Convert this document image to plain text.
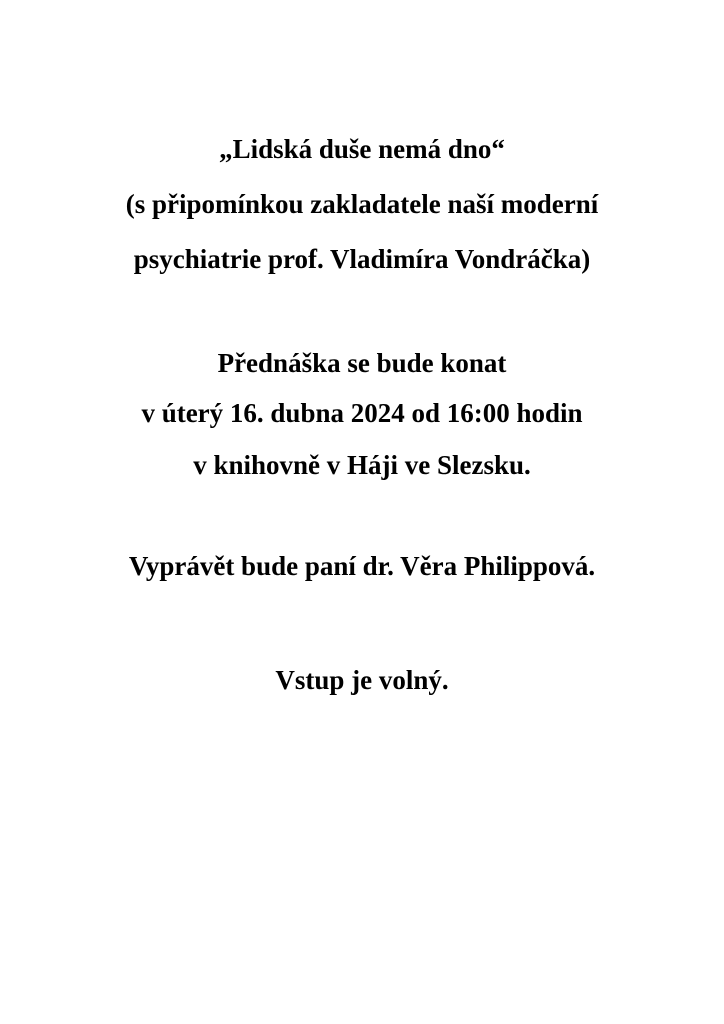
„Lidská duše nemá dno“
(s připomínkou zakladatele naší moderní
psychiatrie prof. Vladimíra Vondráčka)
Přednáška se bude konat
v úterý 16. dubna 2024 od 16:00 hodin
v knihovně v Háji ve Slezsku.
Vyprávět bude paní dr. Věra Philippová.
Vstup je volný.
